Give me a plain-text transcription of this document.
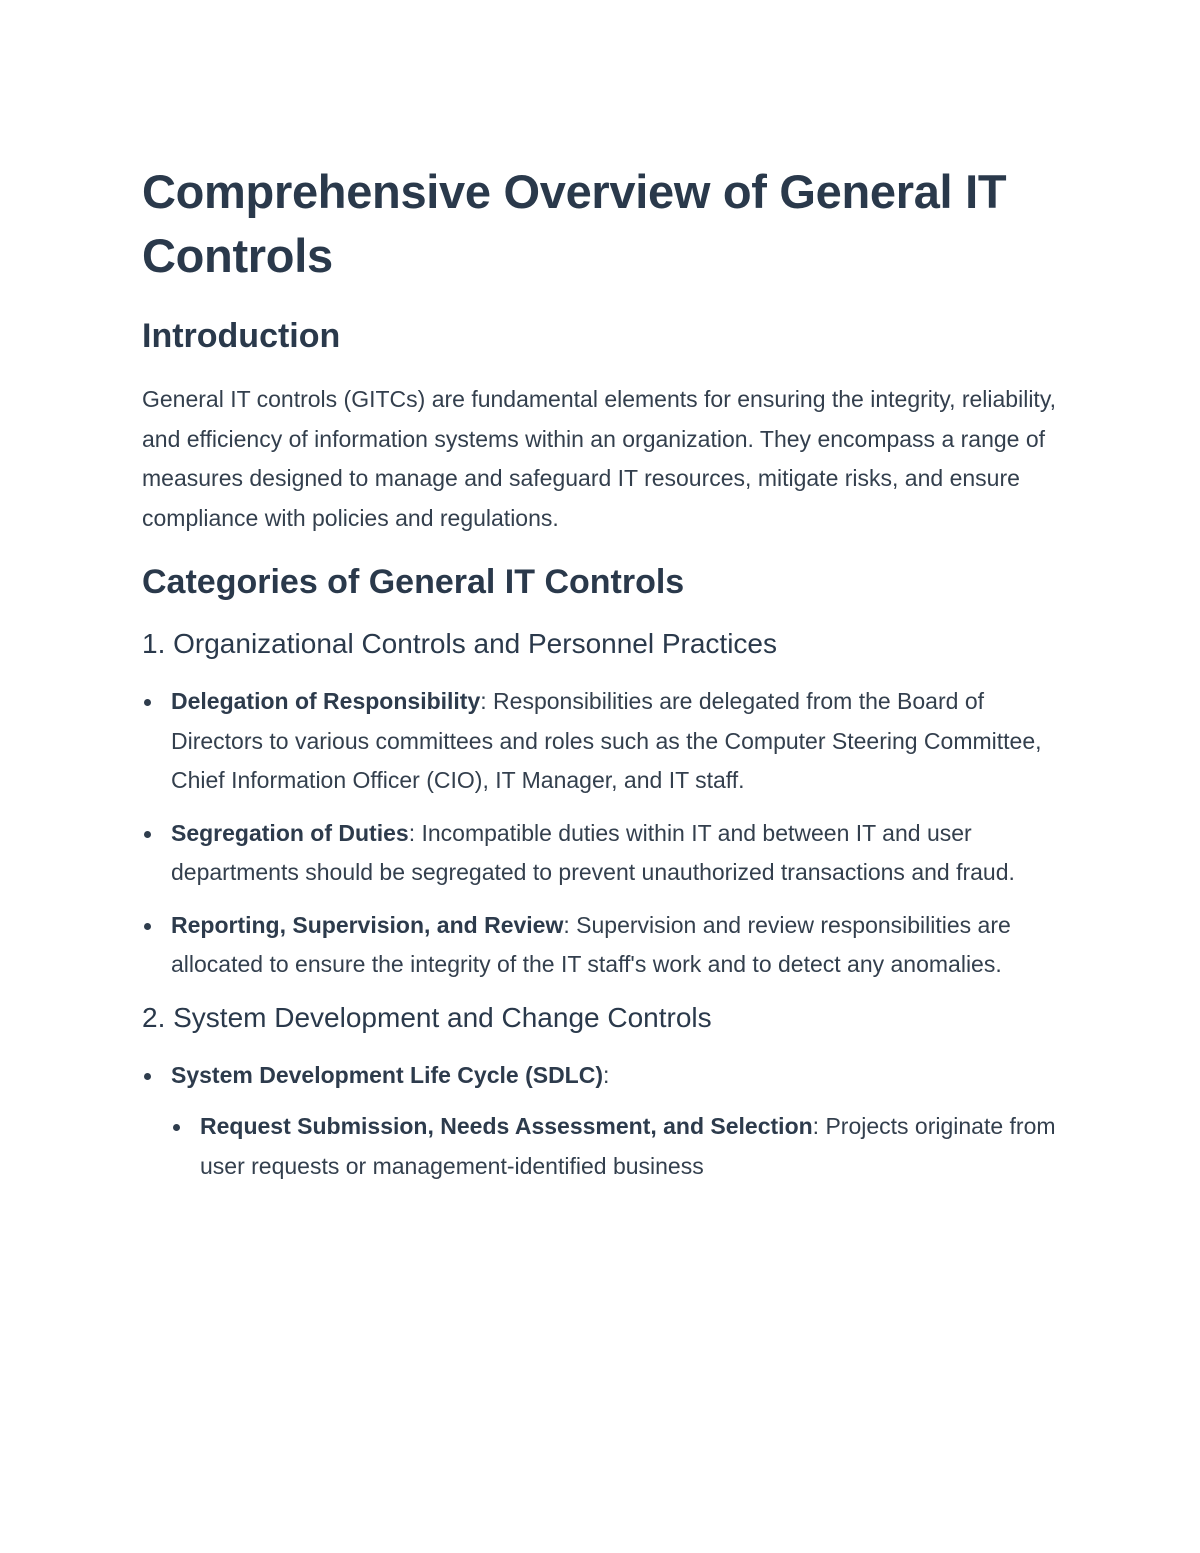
Comprehensive Overview of General IT Controls
Introduction

General IT controls (GITCs) are fundamental elements for ensuring the integrity, reliability, and efficiency of information systems within an organization. They encompass a range of measures designed to manage and safeguard IT resources, mitigate risks, and ensure compliance with policies and regulations.

Categories of General IT Controls
1. Organizational Controls and Personnel Practices
Delegation of Responsibility: Responsibilities are delegated from the Board of Directors to various committees and roles such as the Computer Steering Committee, Chief Information Officer (CIO), IT Manager, and IT staff.
Segregation of Duties: Incompatible duties within IT and between IT and user departments should be segregated to prevent unauthorized transactions and fraud.
Reporting, Supervision, and Review: Supervision and review responsibilities are allocated to ensure the integrity of the IT staff's work and to detect any anomalies.
2. System Development and Change Controls
System Development Life Cycle (SDLC):
Request Submission, Needs Assessment, and Selection: Projects originate from user requests or management-identified business
